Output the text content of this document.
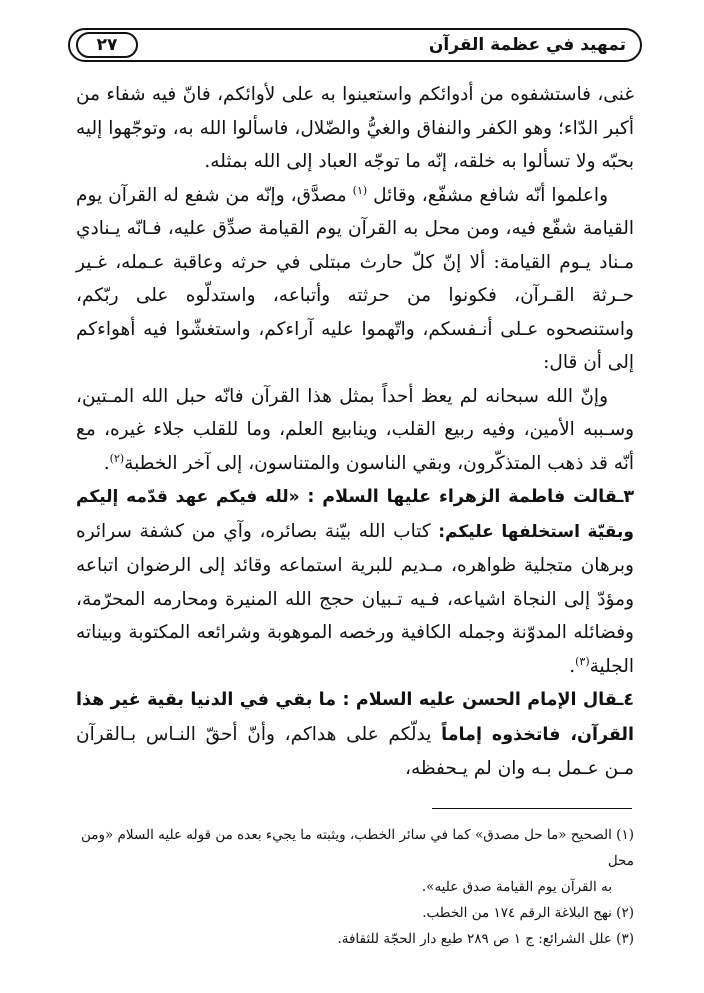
تمهيد في عظمة القرآن
٢٧

غنى، فاستشفوه من أدوائكم واستعينوا به على لأوائكم، فانّ فيه شفاء من أكبر الدّاء؛ وهو الكفر والنفاق والغيُّ والضّلال، فاسألوا الله به، وتوجّهوا إليه بحبّه ولا تسألوا به خلقه، إنّه ما توجّه العباد إلى الله بمثله.

واعلموا أنّه شافع مشفّع، وقائل $^{(١)}$ مصدَّق، وإنّه من شفع له القرآن يوم القيامة شفّع فيه، ومن محل به القرآن يوم القيامة صدِّق عليه، فـانّه يـنادي مـناد يـوم القيامة: ألا إنّ كلّ حارث مبتلى في حرثه وعاقبة عـمله، غـير حـرثة القـرآن، فكونوا من حرثته وأتباعه، واستدلّوه على ربّكم، واستنصحوه عـلى أنـفسكم، واتّهموا عليه آراءكم، واستغشّوا فيه أهواءكم إلى أن قال:

وإنّ الله سبحانه لم يعظ أحداً بمثل هذا القرآن فانّه حبل الله المـتين، وسـببه الأمين، وفيه ربيع القلب، وينابيع العلم، وما للقلب جلاء غيره، مع أنّه قد ذهب المتذكّرون، وبقي الناسون والمتناسون، إلى آخر الخطبة$^{(٢)}$.

٣ـقالت فاطمة الزهراء عليها السلام : «لله فيكم عهد قدّمه إليكم وبقيّة استخلفها عليكم: كتاب الله بيّنة بصائره، وآي من كشفة سرائره وبرهان متجلية ظواهره، مـديم للبرية استماعه وقائد إلى الرضوان اتباعه ومؤدّ إلى النجاة اشياعه، فـيه تـبيان حجج الله المنيرة ومحارمه المحرّمة، وفضائله المدوّنة وجمله الكافية ورخصه الموهوبة وشرائعه المكتوبة وبيناته الجلية$^{(٣)}$.

٤ـقال الإمام الحسن عليه السلام : ما بقي في الدنيا بقية غير هذا القرآن، فاتخذوه إماماً يدلّكم على هداكم، وأنّ أحقّ النـاس بـالقرآن مـن عـمل بـه وان لم يـحفظه،

(١) الصحيح «ما حل مصدق» كما في سائر الخطب، ويثبته ما يجيء بعده من قوله عليه السلام «ومن محل

به القرآن يوم القيامة صدق عليه».

(٢) نهج البلاغة الرقم ١٧٤ من الخطب.

(٣) علل الشرائع: ج ١ ص ٢٨٩ طبع دار الحجّة للثقافة.
